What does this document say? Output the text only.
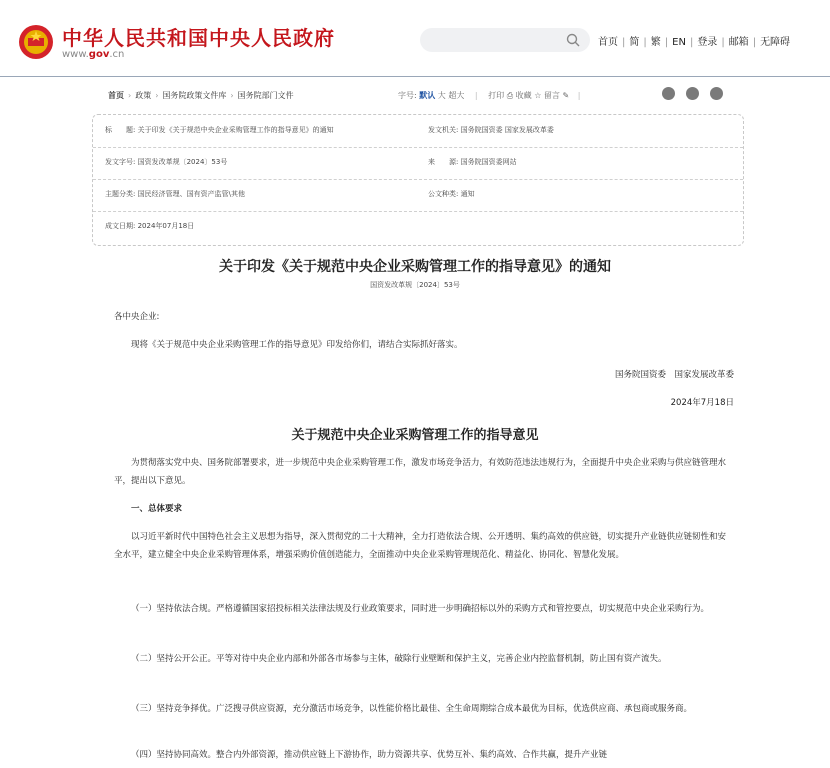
中华人民共和国中央人民政府
www.gov.cn
首页 | 简 | 繁 | EN | 登录 | 邮箱 | 无障碍
首页 › 政策 › 国务院政策文件库 › 国务院部门文件	字号: 默认 大 超大 | 打印 ⎙ 收藏 ☆ 留言 ✎ |
标　　题: 关于印发《关于规范中央企业采购管理工作的指导意见》的通知	发文机关: 国务院国资委 国家发展改革委
发文字号: 国资发改革规〔2024〕53号	来　　源: 国务院国资委网站
主题分类: 国民经济管理、国有资产监管\其他	公文种类: 通知
成文日期: 2024年07月18日
关于印发《关于规范中央企业采购管理工作的指导意见》的通知
国资发改革规〔2024〕53号
各中央企业:
现将《关于规范中央企业采购管理工作的指导意见》印发给你们，请结合实际抓好落实。
国务院国资委　国家发展改革委
2024年7月18日
关于规范中央企业采购管理工作的指导意见
为贯彻落实党中央、国务院部署要求，进一步规范中央企业采购管理工作，激发市场竞争活力，有效防范违法违规行为，全面提升中央企业采购与供应链管理水平，提出以下意见。
一、总体要求
以习近平新时代中国特色社会主义思想为指导，深入贯彻党的二十大精神，全力打造依法合规、公开透明、集约高效的供应链，切实提升产业链供应链韧性和安全水平，建立健全中央企业采购管理体系，增强采购价值创造能力，全面推动中央企业采购管理规范化、精益化、协同化、智慧化发展。
（一）坚持依法合规。严格遵循国家招投标相关法律法规及行业政策要求，同时进一步明确招标以外的采购方式和管控要点，切实规范中央企业采购行为。
（二）坚持公开公正。平等对待中央企业内部和外部各市场参与主体，破除行业壁断和保护主义，完善企业内控监督机制，防止国有资产流失。
（三）坚持竞争择优。广泛搜寻供应资源，充分激活市场竞争，以性能价格比最佳、全生命周期综合成本最优为目标，优选供应商、承包商或服务商。
（四）坚持协同高效。整合内外部资源，推动供应链上下游协作，助力资源共享、优势互补、集约高效、合作共赢，提升产业链
